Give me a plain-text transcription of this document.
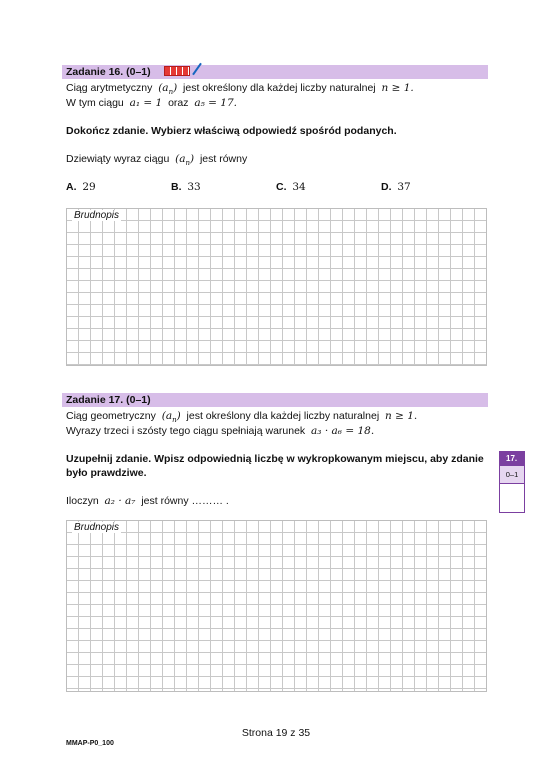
Zadanie 16. (0–1)
Ciąg arytmetyczny $(a_n)$ jest określony dla każdej liczby naturalnej n ≥ 1.
W tym ciągu a₁ = 1 oraz a₅ = 17.
Dokończ zdanie. Wybierz właściwą odpowiedź spośród podanych.
Dziewiąty wyraz ciągu $(a_n)$ jest równy
A. 29	B. 33	C. 34	D. 37
Brudnopis
Zadanie 17. (0–1)
Ciąg geometryczny $(a_n)$ jest określony dla każdej liczby naturalnej n ≥ 1.
Wyrazy trzeci i szósty tego ciągu spełniają warunek a₃ · a₆ = 18.
Uzupełnij zdanie. Wpisz odpowiednią liczbę w wykropkowanym miejscu, aby zdanie
było prawdziwe.
Iloczyn a₂ · a₇ jest równy ……… .
Brudnopis
17.
0–1
Strona 19 z 35
MMAP-P0_100
